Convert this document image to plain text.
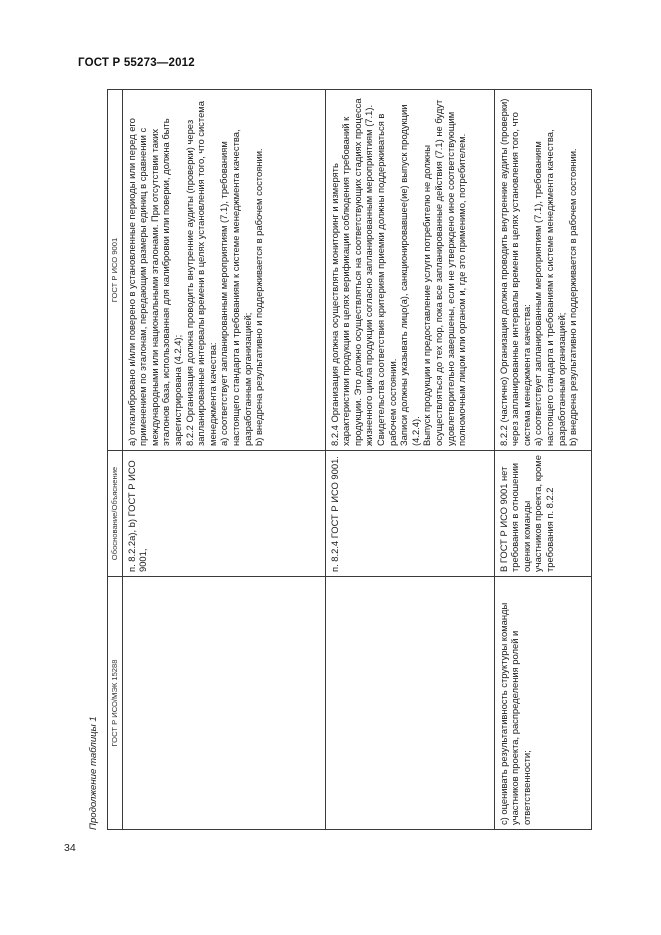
ГОСТ Р 55273—2012
Продолжение таблицы 1
ГОСТ Р ИСО/МЭК 15288	Обоснование/Объяснение	ГОСТ Р ИСО 9001
	п. 8.2.2а), b) ГОСТ Р ИСО 9001,	а) откалибровано и/или поверено в установленные периоды или перед его применением по эталонам, передающим размеры единиц в сравнении с международными или национальными эталонами. При отсутствии таких эталонов база, использованная для калибровки или поверки, должна быть зарегистрирована (4.2.4);
8.2.2 Организация должна проводить внутренние аудиты (проверки) через запланированные интервалы времени в целях установления того, что система менеджмента качества:
а) соответствует запланированным мероприятиям (7.1), требованиям настоящего стандарта и требованиям к системе менеджмента качества, разработанным организацией;
b) внедрена результативно и поддерживается в рабочем состоянии.
	п. 8.2.4 ГОСТ Р ИСО 9001.	8.2.4 Организация должна осуществлять мониторинг и измерять характеристики продукции в целях верификации соблюдения требований к продукции. Это должно осуществляться на соответствующих стадиях процесса жизненного цикла продукции согласно запланированным мероприятиям (7.1).
Свидетельства соответствия критериям приемки должны поддерживаться в рабочем состоянии.
Записи должны указывать лицо(а), санкционировавшее(ие) выпуск продукции (4.2.4).
Выпуск продукции и предоставление услуги потребителю не должны осуществляться до тех пор, пока все запланированные действия (7.1) не будут удовлетворительно завершены, если не утверждено иное соответствующим полномочным лицом или органом и, где это применимо, потребителем.
с) оценивать результативность структуры команды участников проекта, распределения ролей и ответственности;	В ГОСТ Р ИСО 9001 нет требования в отношении оценки команды участников проекта, кроме требования п. 8.2.2	8.2.2 (частично) Организация должна проводить внутренние аудиты (проверки) через запланированные интервалы времени в целях установления того, что система менеджмента качества:
а) соответствует запланированным мероприятиям (7.1), требованиям настоящего стандарта и требованиям к системе менеджмента качества, разработанным организацией;
b) внедрена результативно и поддерживается в рабочем состоянии.
34
